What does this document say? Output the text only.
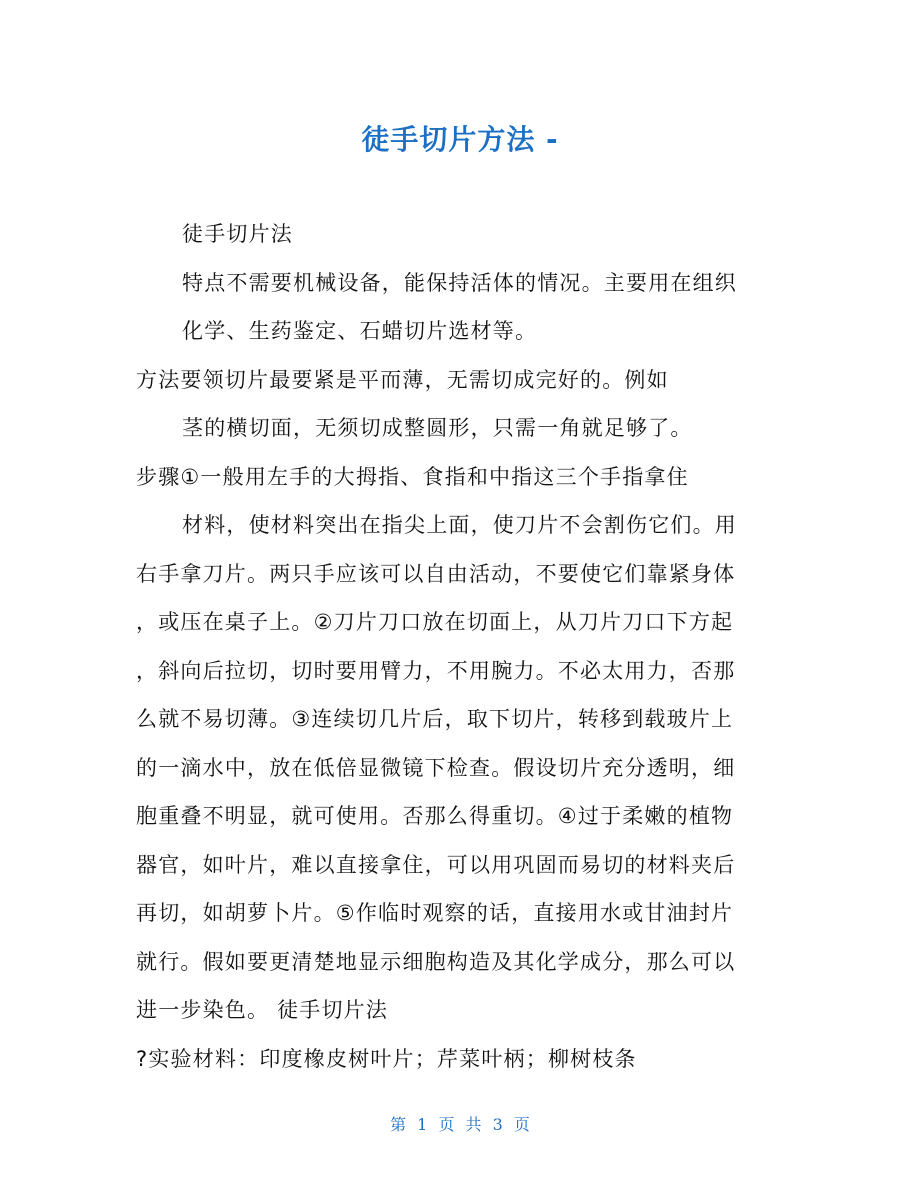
徒手切片方法 -
徒手切片法
特点不需要机械设备，能保持活体的情况。主要用在组织
化学、生药鉴定、石蜡切片选材等。
方法要领切片最要紧是平而薄，无需切成完好的。例如
茎的横切面，无须切成整圆形，只需一角就足够了。
步骤①一般用左手的大拇指、食指和中指这三个手指拿住
材料，使材料突出在指尖上面，使刀片不会割伤它们。用
右手拿刀片。两只手应该可以自由活动，不要使它们靠紧身体
，或压在桌子上。②刀片刀口放在切面上，从刀片刀口下方起
，斜向后拉切，切时要用臂力，不用腕力。不必太用力，否那
么就不易切薄。③连续切几片后，取下切片，转移到载玻片上
的一滴水中，放在低倍显微镜下检查。假设切片充分透明，细
胞重叠不明显，就可使用。否那么得重切。④过于柔嫩的植物
器官，如叶片，难以直接拿住，可以用巩固而易切的材料夹后
再切，如胡萝卜片。⑤作临时观察的话，直接用水或甘油封片
就行。假如要更清楚地显示细胞构造及其化学成分，那么可以
进一步染色。 徒手切片法
?实验材料：印度橡皮树叶片；芹菜叶柄；柳树枝条
第 1 页 共 3 页
